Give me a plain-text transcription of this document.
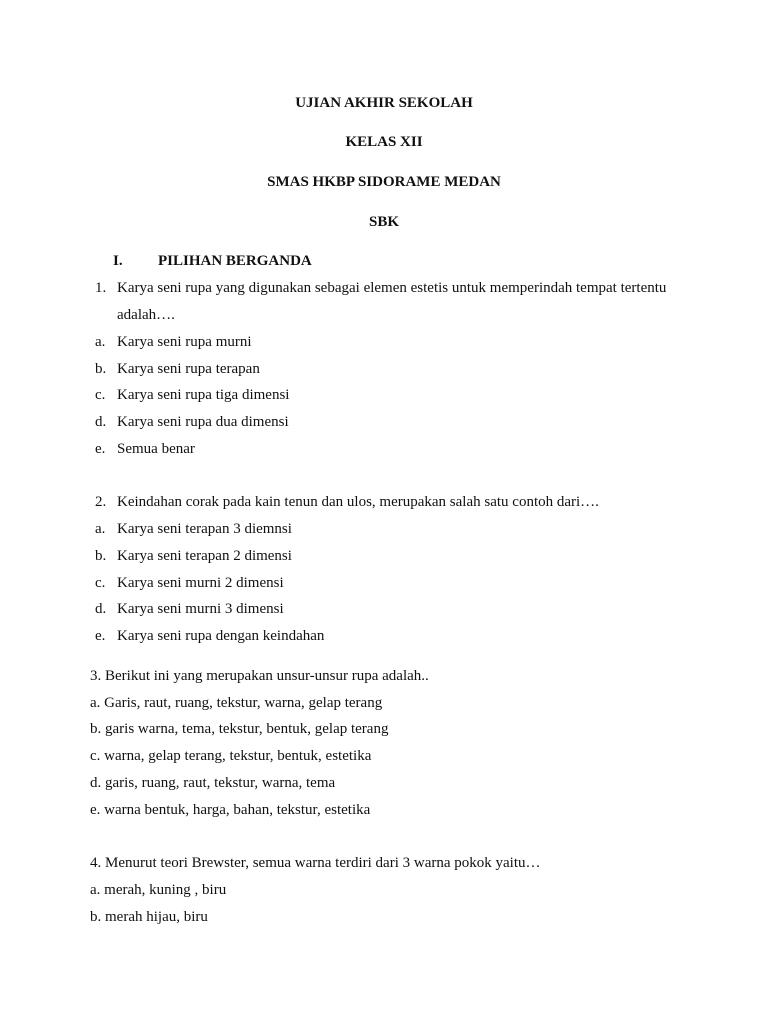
UJIAN AKHIR SEKOLAH
KELAS XII
SMAS HKBP SIDORAME MEDAN
SBK
I. PILIHAN BERGANDA
1. Karya seni rupa yang digunakan sebagai elemen estetis untuk memperindah tempat tertentu
adalah….
a. Karya seni rupa murni
b. Karya seni rupa terapan
c. Karya seni rupa tiga dimensi
d. Karya seni rupa dua dimensi
e. Semua benar
2. Keindahan corak pada kain tenun dan ulos, merupakan salah satu contoh dari….
a. Karya seni terapan 3 diemnsi
b. Karya seni terapan 2 dimensi
c. Karya seni murni 2 dimensi
d. Karya seni murni 3 dimensi
e. Karya seni rupa dengan keindahan
3. Berikut ini yang merupakan unsur-unsur rupa adalah..
a. Garis, raut, ruang, tekstur, warna, gelap terang
b. garis warna, tema, tekstur, bentuk, gelap terang
c. warna, gelap terang, tekstur, bentuk, estetika
d. garis, ruang, raut, tekstur, warna, tema
e. warna bentuk, harga, bahan, tekstur, estetika
4. Menurut teori Brewster, semua warna terdiri dari 3 warna pokok yaitu…
a. merah, kuning , biru
b. merah hijau, biru
